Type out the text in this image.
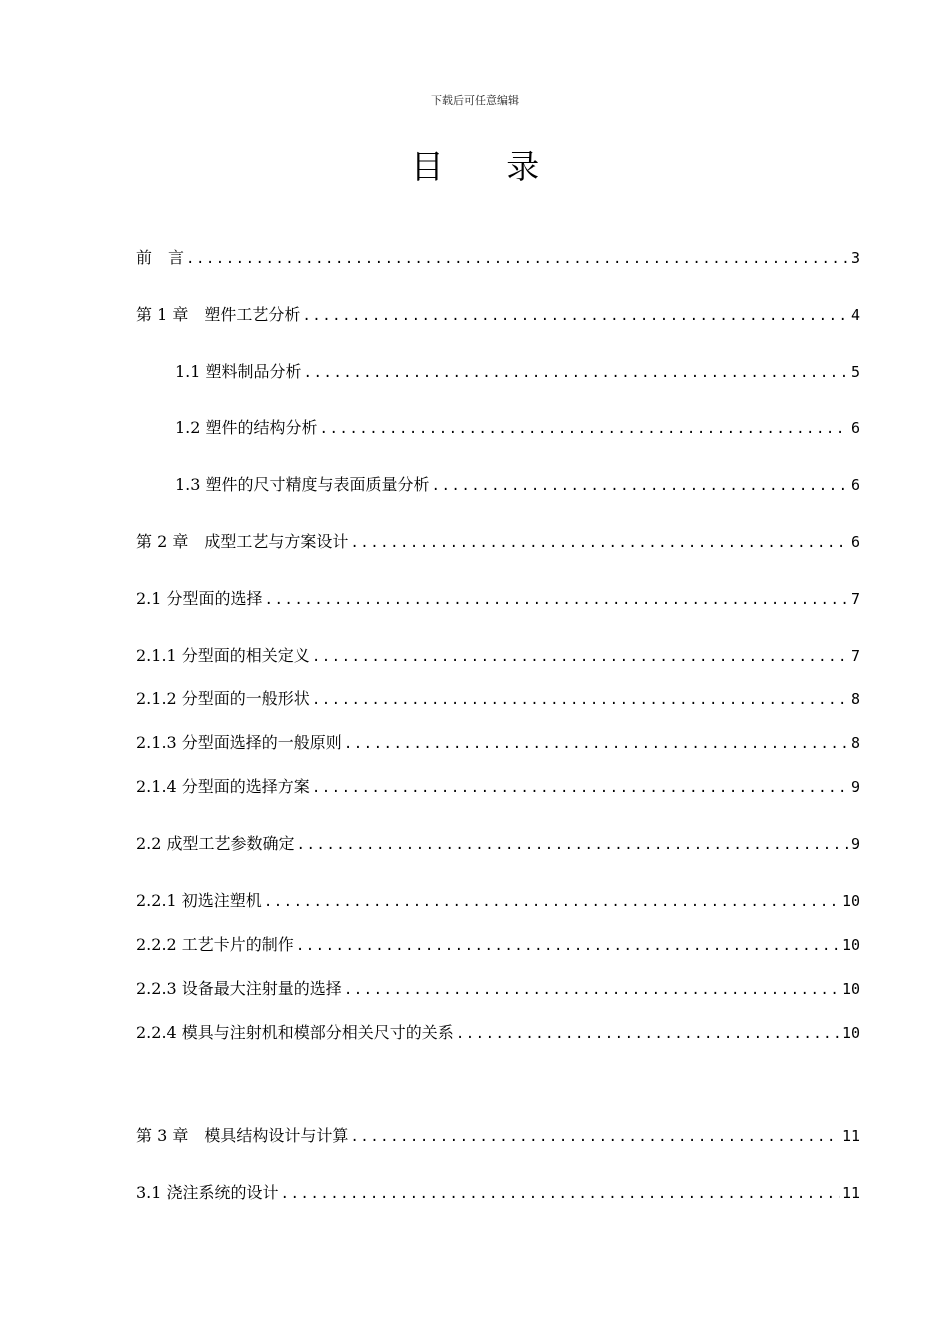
下载后可任意编辑
目 录
前　言 .....	3
第 1 章　塑件工艺分析 .....	4
1.1 塑料制品分析 .....	5
1.2 塑件的结构分析 .....	6
1.3 塑件的尺寸精度与表面质量分析 .....	6
第 2 章　成型工艺与方案设计 .....	6
2.1 分型面的选择 .....	7
2.1.1 分型面的相关定义 .....	7
2.1.2 分型面的一般形状 .....	8
2.1.3 分型面选择的一般原则 .....	8
2.1.4 分型面的选择方案 .....	9
2.2 成型工艺参数确定 .....	9
2.2.1 初选注塑机 .....	10
2.2.2 工艺卡片的制作 .....	10
2.2.3 设备最大注射量的选择 .....	10
2.2.4 模具与注射机和模部分相关尺寸的关系 .....	10
第 3 章　模具结构设计与计算 .....	11
3.1 浇注系统的设计 .....	11
